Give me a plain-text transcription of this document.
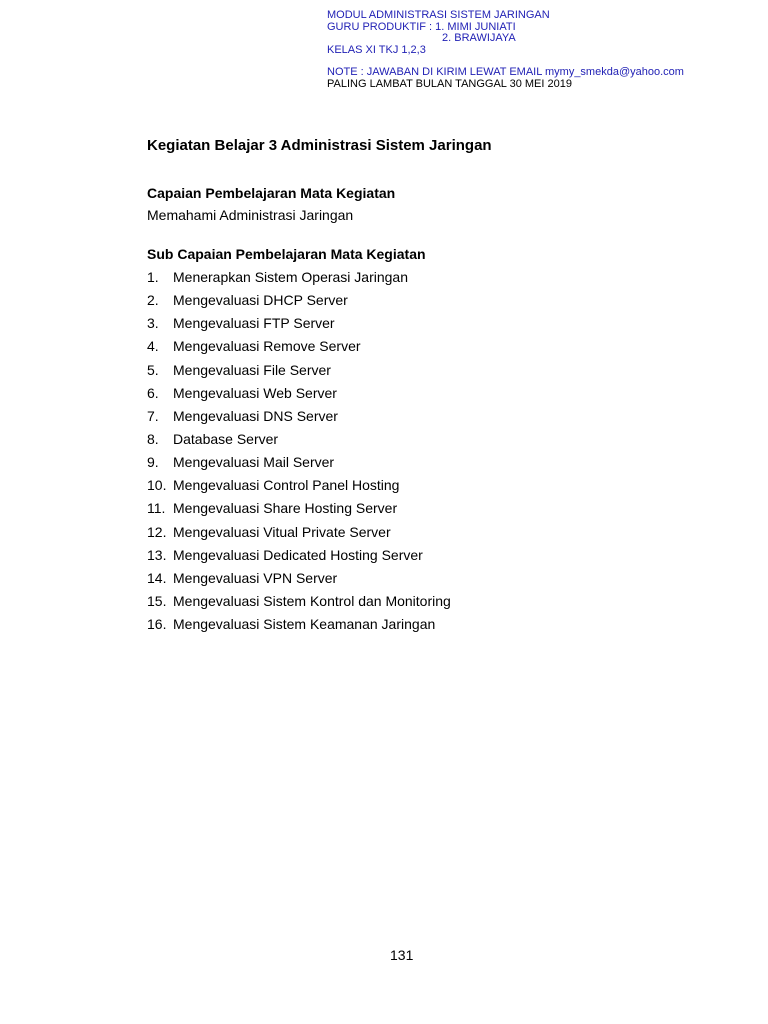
MODUL ADMINISTRASI SISTEM JARINGAN
GURU PRODUKTIF : 1. MIMI JUNIATI
2. BRAWIJAYA
KELAS XI TKJ 1,2,3
NOTE : JAWABAN DI KIRIM LEWAT EMAIL mymy_smekda@yahoo.com
PALING LAMBAT BULAN TANGGAL 30 MEI 2019
Kegiatan Belajar 3 Administrasi Sistem Jaringan
Capaian Pembelajaran Mata Kegiatan
Memahami Administrasi Jaringan
Sub Capaian Pembelajaran Mata Kegiatan
1.	Menerapkan Sistem Operasi Jaringan
2.	Mengevaluasi DHCP Server
3.	Mengevaluasi FTP Server
4.	Mengevaluasi Remove Server
5.	Mengevaluasi File Server
6.	Mengevaluasi Web Server
7.	Mengevaluasi DNS Server
8.	Database Server
9.	Mengevaluasi Mail Server
10. Mengevaluasi Control Panel Hosting
11. Mengevaluasi Share Hosting Server
12. Mengevaluasi Vitual Private Server
13. Mengevaluasi Dedicated Hosting Server
14. Mengevaluasi VPN Server
15. Mengevaluasi Sistem Kontrol dan Monitoring
16. Mengevaluasi Sistem Keamanan Jaringan
131
